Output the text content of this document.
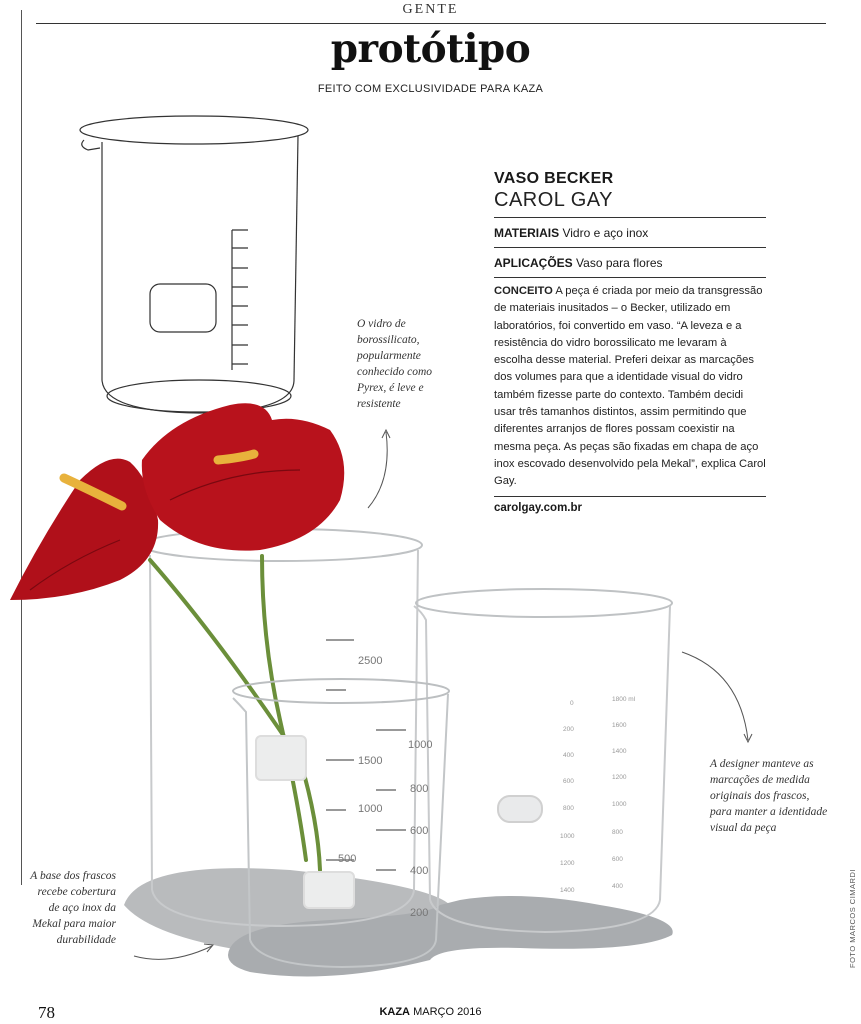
GENTE
protótipo
FEITO COM EXCLUSIVIDADE PARA KAZA
2500
1500
1000
500
0
200
400
600
800
1000
1200
1400
1800 ml
1600
1400
1200
1000
800
600
400
1000
800
600
400
200
VASO BECKER
CAROL GAY
MATERIAIS Vidro e aço inox
APLICAÇÕES Vaso para flores
CONCEITO A peça é criada por meio da transgressão de materiais inusitados – o Becker, utilizado em laboratórios, foi convertido em vaso. “A leveza e a resistência do vidro borossilicato me levaram à escolha desse material. Preferi deixar as marcações dos volumes para que a identidade visual do vidro também fizesse parte do contexto. Também decidi usar três tamanhos distintos, assim permitindo que diferentes arranjos de flores possam coexistir na mesma peça. As peças são fixadas em chapa de aço inox escovado desenvolvido pela Mekal”, explica Carol Gay.
carolgay.com.br
O vidro de borossilicato, popularmente conhecido como Pyrex, é leve e resistente
A designer manteve as marcações de medida originais dos frascos, para manter a identidade visual da peça
A base dos frascos recebe cobertura de aço inox da Mekal para maior durabilidade	FOTO MARCOS CIMARDI
78	KAZA MARÇO 2016
